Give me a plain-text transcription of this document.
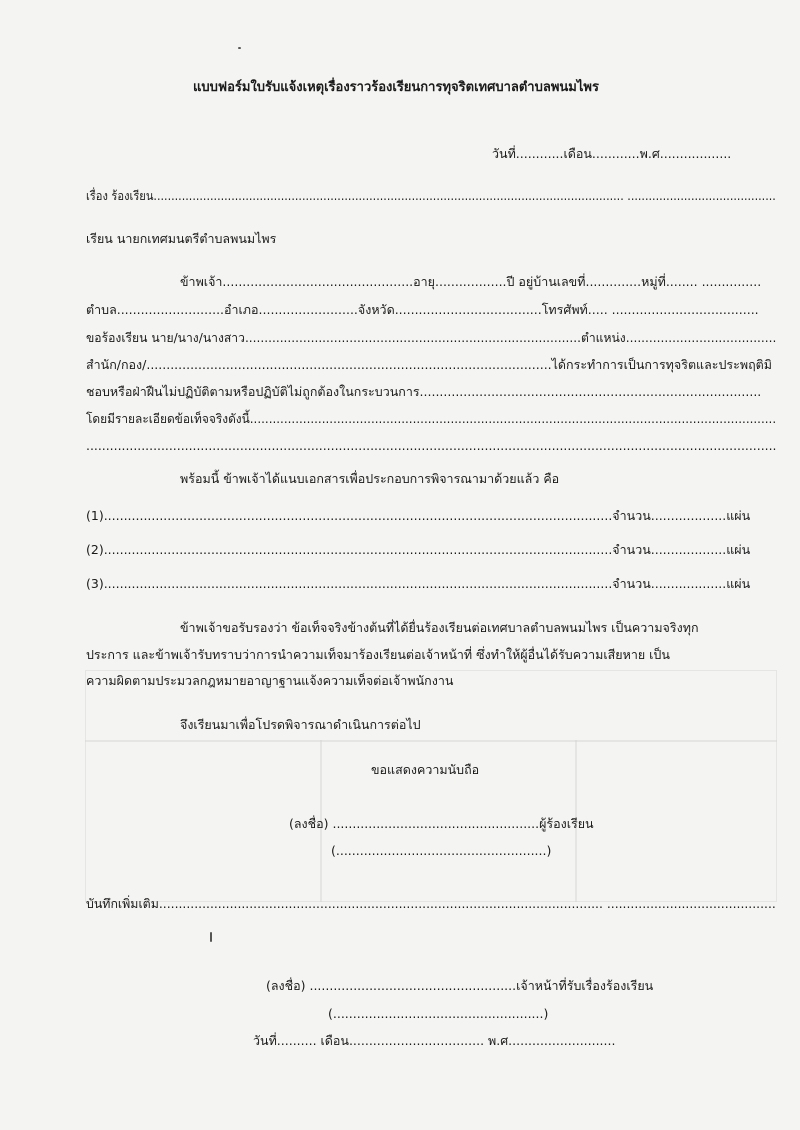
แบบฟอร์มใบรับแจ้งเหตุเรื่องราวร้องเรียนการทุจริตเทศบาลตำบลพนมไพร
วันที่............เดือน............พ.ศ..................
เรื่อง ร้องเรียน..................................................................................................................................... ..........................................
เรียน นายกเทศมนตรีตำบลพนมไพร
ข้าพเจ้า................................................อายุ..................ปี อยู่บ้านเลขที่..............หมู่ที่........ ...............
ตำบล...........................อำเภอ.........................จังหวัด.....................................โทรศัพท์..... .....................................
ขอร้องเรียน นาย/นาง/นางสาว.......................................................................................ตำแหน่ง.......................................
สำนัก/กอง/......................................................................................................ได้กระทำการเป็นการทุจริตและประพฤติมิ
ชอบหรือฝ่าฝืนไม่ปฏิบัติตามหรือปฏิบัติไม่ถูกต้องในกระบวนการ......................................................................................
โดยมีรายละเอียดข้อเท็จจริงดังนี้...........................................................................................................................................
...............................................................................................................................................................................
พร้อมนี้ ข้าพเจ้าได้แนบเอกสารเพื่อประกอบการพิจารณามาด้วยแล้ว คือ
(1)................................................................................................................................จำนวน...................แผ่น
(2)................................................................................................................................จำนวน...................แผ่น
(3)................................................................................................................................จำนวน...................แผ่น
ข้าพเจ้าขอรับรองว่า ข้อเท็จจริงข้างต้นที่ได้ยื่นร้องเรียนต่อเทศบาลตำบลพนมไพร เป็นความจริงทุก
ประการ และข้าพเจ้ารับทราบว่าการนำความเท็จมาร้องเรียนต่อเจ้าหน้าที่ ซึ่งทำให้ผู้อื่นได้รับความเสียหาย เป็น
ความผิดตามประมวลกฎหมายอาญาฐานแจ้งความเท็จต่อเจ้าพนักงาน
จึงเรียนมาเพื่อโปรดพิจารณาดำเนินการต่อไป
ขอแสดงความนับถือ
(ลงชื่อ) ....................................................ผู้ร้องเรียน
(.....................................................)
บันทึกเพิ่มเติม................................................................................................................. ...........................................
(ลงชื่อ) ....................................................เจ้าหน้าที่รับเรื่องร้องเรียน
(.....................................................)
วันที่.......... เดือน.................................. พ.ศ...........................
